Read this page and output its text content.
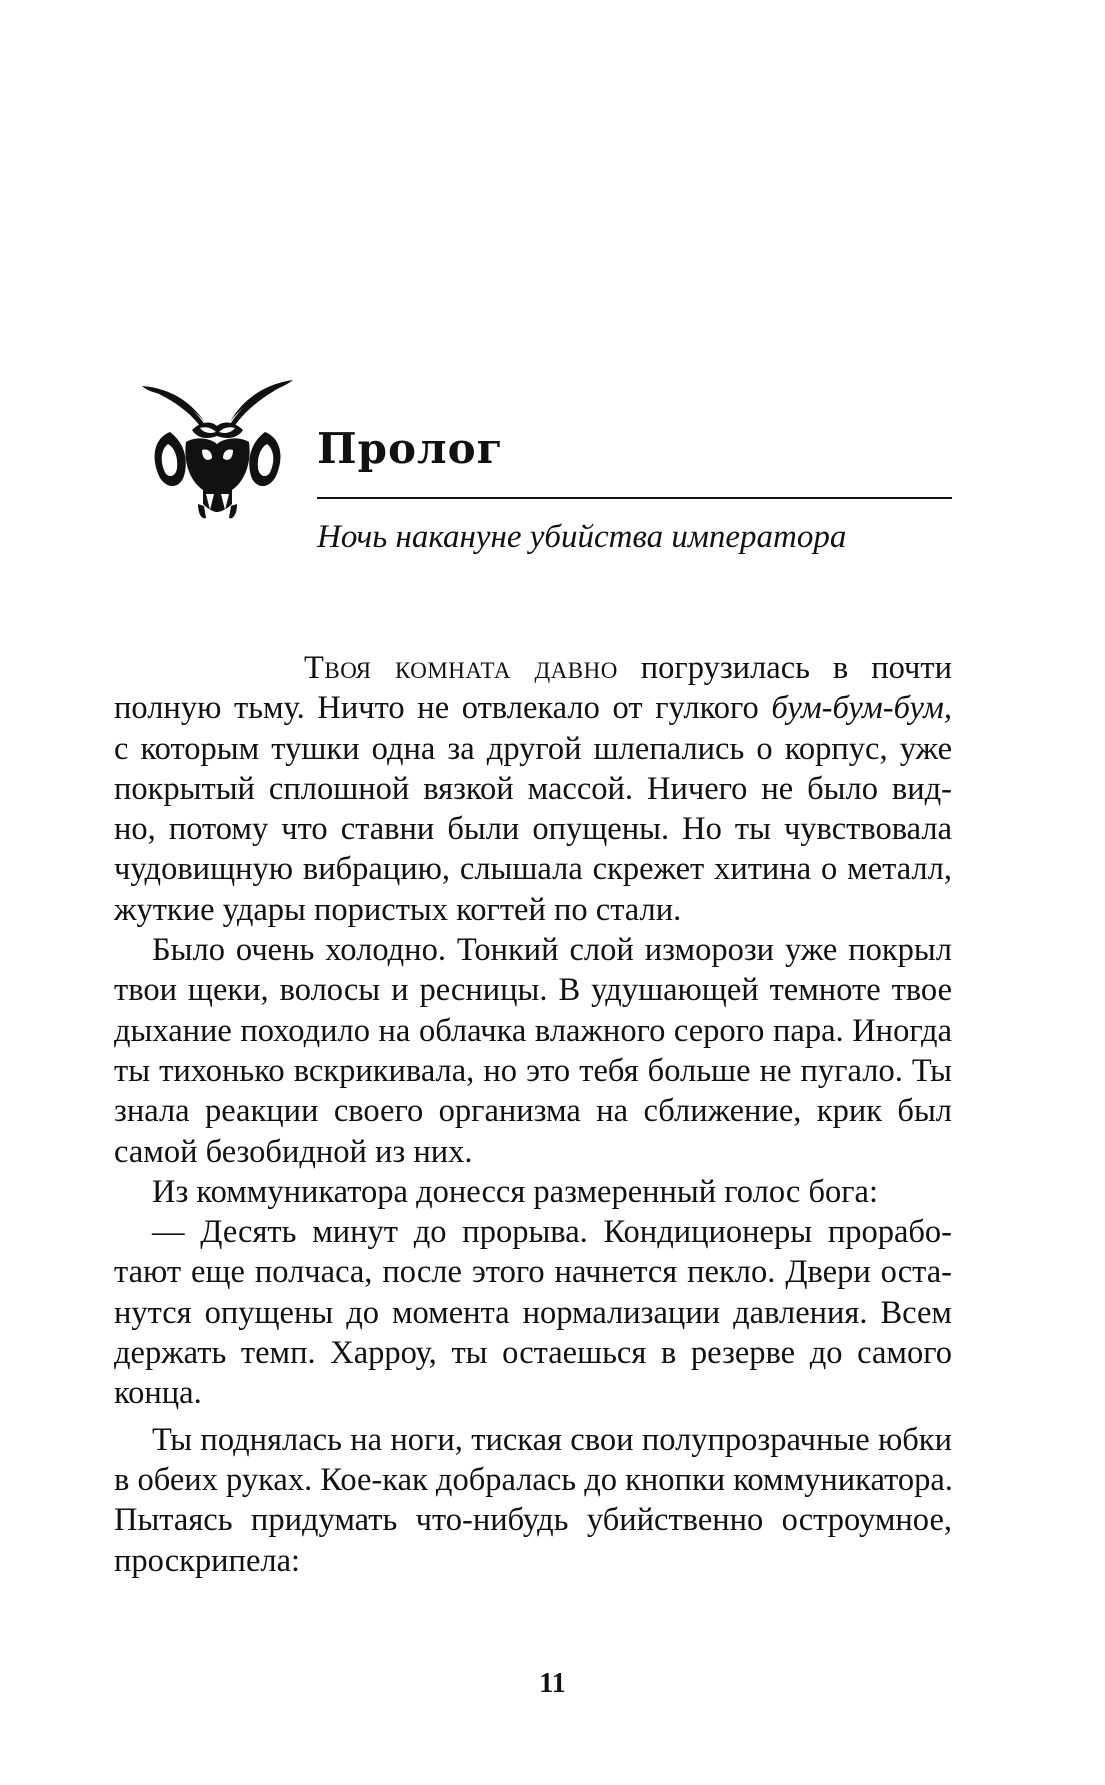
Пролог

Ночь накануне убийства императора

Твоя комната давно погрузилась в почти
полную тьму. Ничто не отвлекало от гулкого бум-бум-бум,
с которым тушки одна за другой шлепались о корпус, уже
покрытый сплошной вязкой массой. Ничего не было вид-
но, потому что ставни были опущены. Но ты чувствовала
чудовищную вибрацию, слышала скрежет хитина о металл,
жуткие удары пористых когтей по стали.
Было очень холодно. Тонкий слой изморози уже покрыл
твои щеки, волосы и ресницы. В удушающей темноте твое
дыхание походило на облачка влажного серого пара. Иногда
ты тихонько вскрикивала, но это тебя больше не пугало. Ты
знала реакции своего организма на сближение, крик был
самой безобидной из них.
Из коммуникатора донесся размеренный голос бога:
— Десять минут до прорыва. Кондиционеры прорабо-
тают еще полчаса, после этого начнется пекло. Двери оста-
нутся опущены до момента нормализации давления. Всем
держать темп. Харроу, ты остаешься в резерве до самого
конца.
Ты поднялась на ноги, тиская свои полупрозрачные юбки
в обеих руках. Кое-как добралась до кнопки коммуникатора.
Пытаясь придумать что-нибудь убийственно остроумное,
проскрипела:

11
